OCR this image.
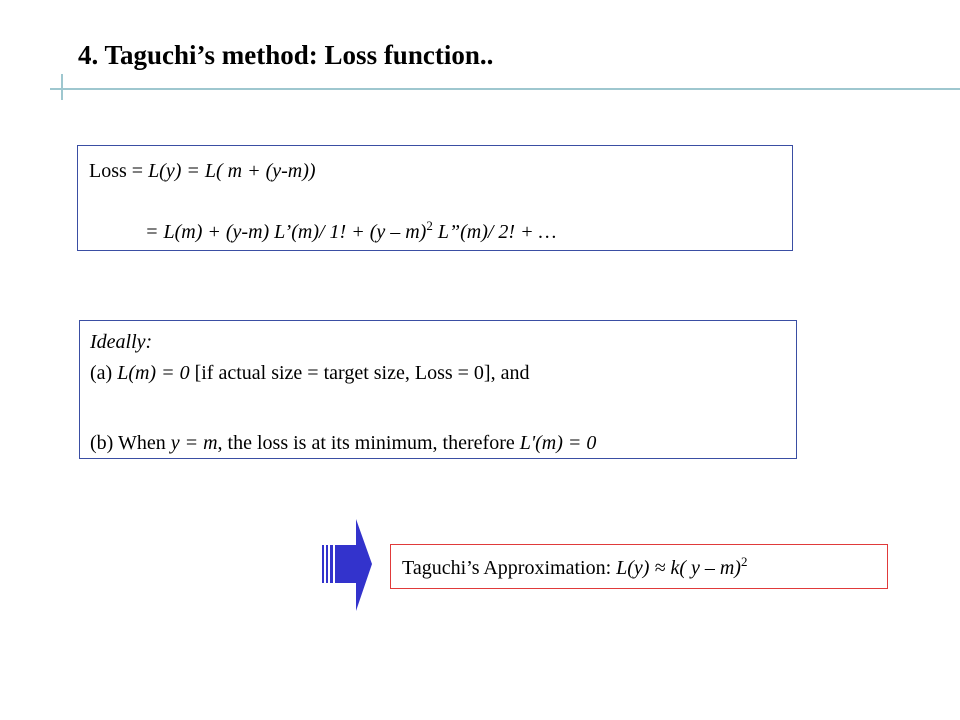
4. Taguchi’s method: Loss function..
Loss = L(y) = L( m + (y-m))
= L(m) + (y-m) L’(m)/ 1! + (y – m)$^2$ L”(m)/ 2! + …
Ideally:
(a) L(m) = 0 [if actual size = target size, Loss = 0], and
(b) When y = m, the loss is at its minimum, therefore L'(m) = 0
Taguchi’s Approximation: L(y) ≈ k( y – m)$^2$
